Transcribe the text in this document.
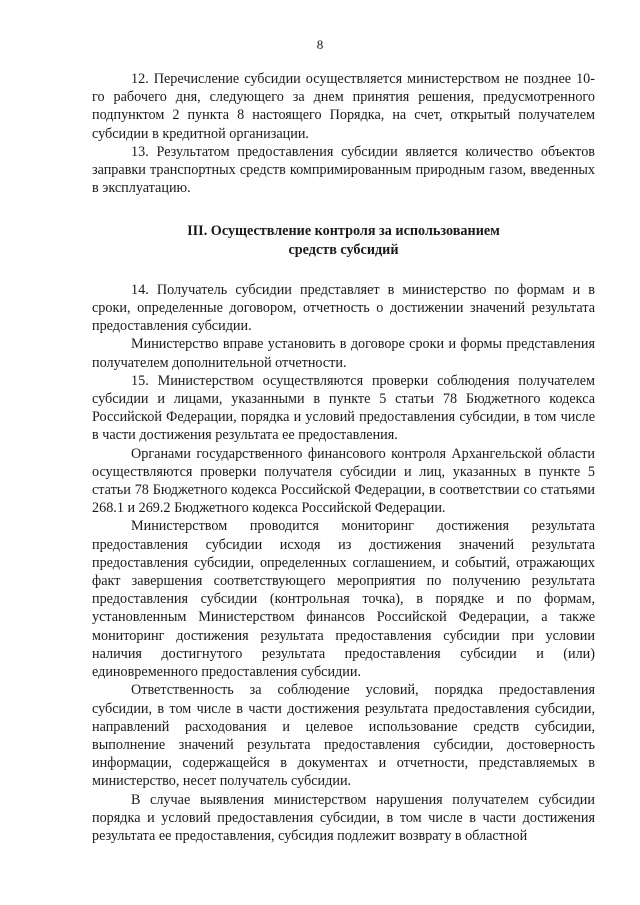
8

12. Перечисление субсидии осуществляется министерством не позднее 10-го рабочего дня, следующего за днем принятия решения, предусмотренного подпунктом 2 пункта 8 настоящего Порядка, на счет, открытый получателем субсидии в кредитной организации.

13. Результатом предоставления субсидии является количество объектов заправки транспортных средств компримированным природным газом, введенных в эксплуатацию.

III. Осуществление контроля за использованием
средств субсидий

14. Получатель субсидии представляет в министерство по формам и в сроки, определенные договором, отчетность о достижении значений результата предоставления субсидии.

Министерство вправе установить в договоре сроки и формы представления получателем дополнительной отчетности.

15. Министерством осуществляются проверки соблюдения получателем субсидии и лицами, указанными в пункте 5 статьи 78 Бюджетного кодекса Российской Федерации, порядка и условий предоставления субсидии, в том числе в части достижения результата ее предоставления.

Органами государственного финансового контроля Архангельской области осуществляются проверки получателя субсидии и лиц, указанных в пункте 5 статьи 78 Бюджетного кодекса Российской Федерации, в соответствии со статьями 268.1 и 269.2 Бюджетного кодекса Российской Федерации.

Министерством проводится мониторинг достижения результата предоставления субсидии исходя из достижения значений результата предоставления субсидии, определенных соглашением, и событий, отражающих факт завершения соответствующего мероприятия по получению результата предоставления субсидии (контрольная точка), в порядке и по формам, установленным Министерством финансов Российской Федерации, а также мониторинг достижения результата предоставления субсидии при условии наличия достигнутого результата предоставления субсидии и (или) единовременного предоставления субсидии.

Ответственность за соблюдение условий, порядка предоставления субсидии, в том числе в части достижения результата предоставления субсидии, направлений расходования и целевое использование средств субсидии, выполнение значений результата предоставления субсидии, достоверность информации, содержащейся в документах и отчетности, представляемых в министерство, несет получатель субсидии.

В случае выявления министерством нарушения получателем субсидии порядка и условий предоставления субсидии, в том числе в части достижения результата ее предоставления, субсидия подлежит возврату в областной
